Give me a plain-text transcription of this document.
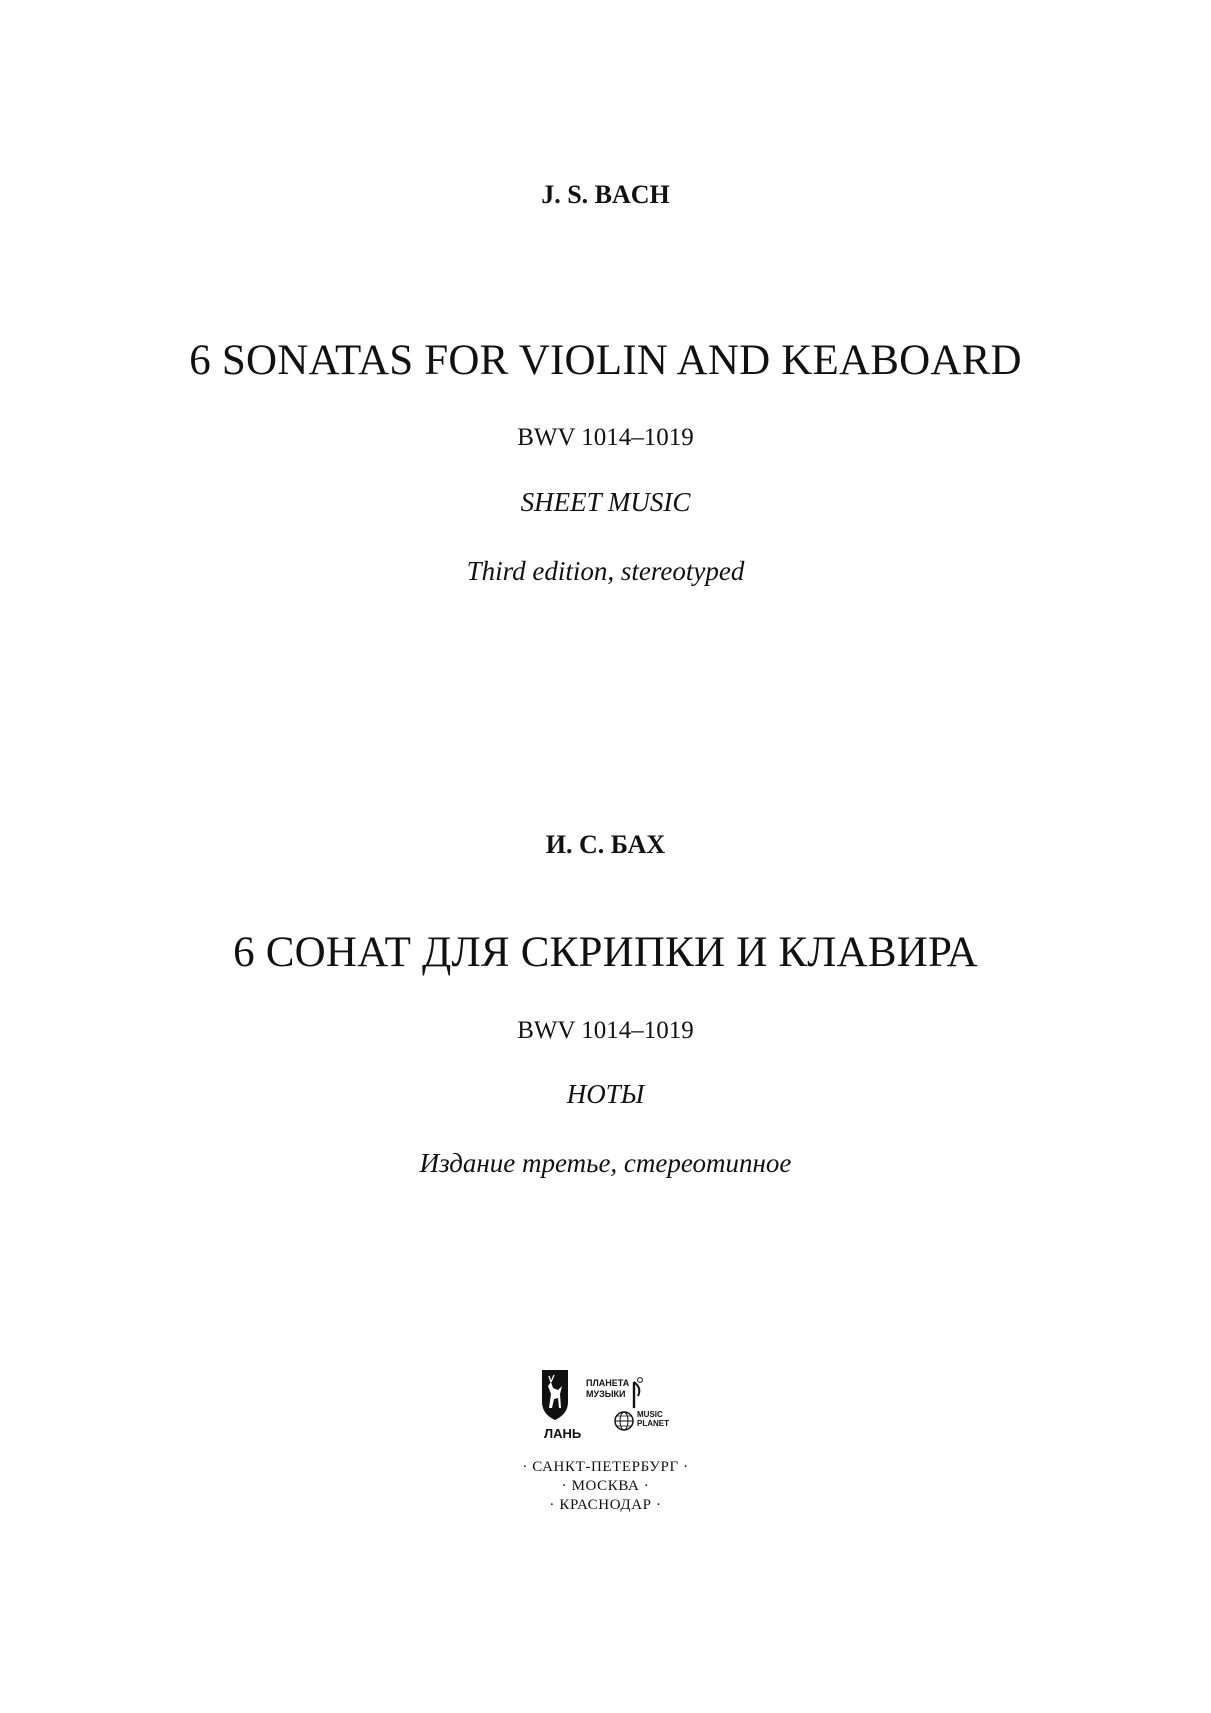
J. S. BACH
6 SONATAS FOR VIOLIN AND KEABOARD
BWV 1014–1019
SHEET MUSIC
Third edition, stereotyped
И. С. БАХ
6 СОНАТ ДЛЯ СКРИПКИ И КЛАВИРА
BWV 1014–1019
НОТЫ
Издание третье, стереотипное
ЛАНЬ
ПЛАНЕТА
МУЗЫКИ
MUSIC
PLANET
· САНКТ-ПЕТЕРБУРГ ·
· МОСКВА ·
· КРАСНОДАР ·
